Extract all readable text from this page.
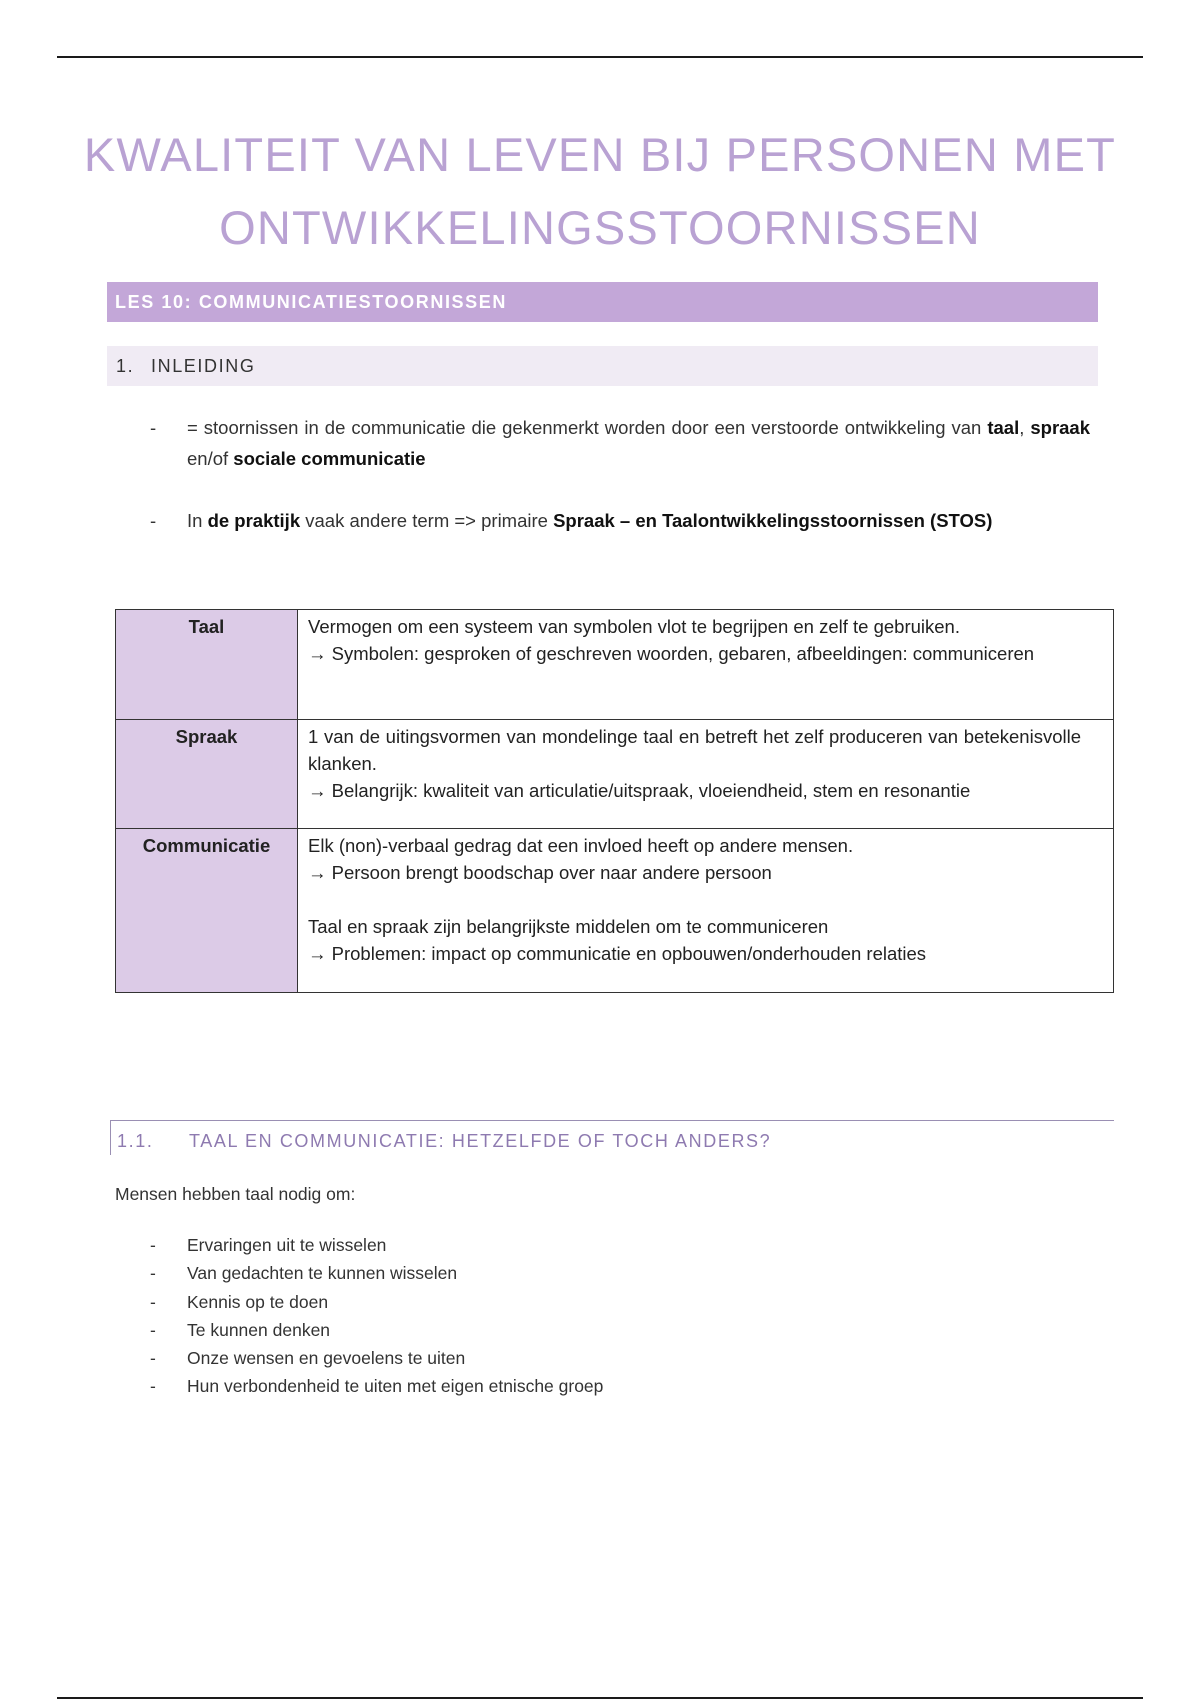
KWALITEIT VAN LEVEN BIJ PERSONEN MET ONTWIKKELINGSSTOORNISSEN
LES 10: COMMUNICATIESTOORNISSEN
1. INLEIDING
- = stoornissen in de communicatie die gekenmerkt worden door een verstoorde ontwikkeling van taal, spraak en/of sociale communicatie
- In de praktijk vaak andere term => primaire Spraak – en Taalontwikkelingsstoornissen (STOS)
Taal	Vermogen om een systeem van symbolen vlot te begrijpen en zelf te gebruiken.

→ Symbolen: gesproken of geschreven woorden, gebaren, afbeeldingen: communiceren

Spraak	1 van de uitingsvormen van mondelinge taal en betreft het zelf produceren van betekenisvolle klanken.

→ Belangrijk: kwaliteit van articulatie/uitspraak, vloeiendheid, stem en resonantie

Communicatie	Elk (non)-verbaal gedrag dat een invloed heeft op andere mensen.

→ Persoon brengt boodschap over naar andere persoon

Taal en spraak zijn belangrijkste middelen om te communiceren

→ Problemen: impact op communicatie en opbouwen/onderhouden relaties

1.1. TAAL EN COMMUNICATIE: HETZELFDE OF TOCH ANDERS?

Mensen hebben taal nodig om:

- Ervaringen uit te wisselen
- Van gedachten te kunnen wisselen
- Kennis op te doen
- Te kunnen denken
- Onze wensen en gevoelens te uiten
- Hun verbondenheid te uiten met eigen etnische groep
